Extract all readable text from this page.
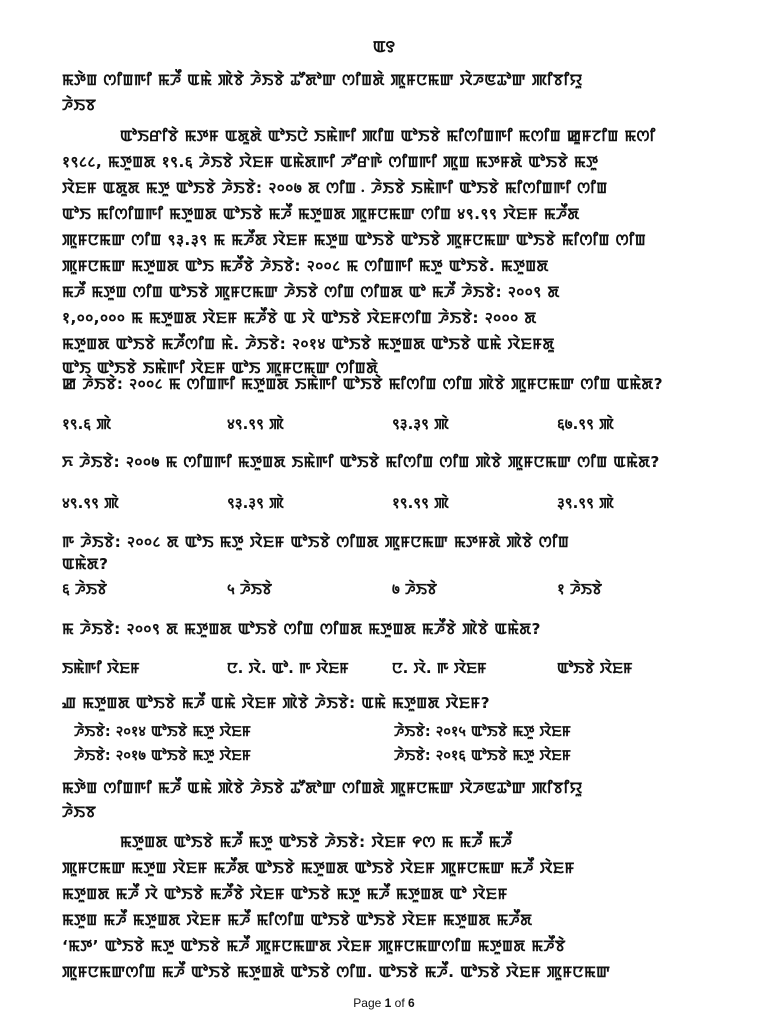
ꯑ꯱
ꯃꯇꯥꯡ ꯁꯤꯡꯒꯤ ꯃꯍꯩ ꯑꯃꯥ ꯄꯥꯕꯥ ꯍꯥꯏꯕꯥ ꯊꯧꯗꯣꯛ ꯁꯤꯡꯗꯥ ꯄꯨꯝꯅꯃꯛ ꯋꯥꯍꯟꯊꯣꯛ ꯄꯤꯕꯤꯌꯨ
ꯍꯥꯏꯕ
ꯑꯣꯏꯔꯤꯕꯥ ꯃꯇꯝ ꯑꯗꯨꯗꯥ ꯑꯣꯏꯅꯥ ꯏꯃꯥꯒꯤ ꯄꯤꯡ ꯑꯣꯏꯕꯥ ꯃꯤꯁꯤꯡꯒꯤ ꯃꯁꯤꯡ ꯀꯨꯝꯖꯤꯡ ꯃꯁꯤ
१९८८, ꯃꯇꯨꯡꯗ १९.६ ꯍꯥꯏꯕꯥ ꯋꯥꯐꯝ ꯑꯃꯥꯗꯒꯤ ꯍꯧꯔꯒꯥ ꯁꯤꯡꯒꯤ ꯄꯨꯡ ꯃꯇꯝꯗꯥ ꯑꯣꯏꯕꯥ ꯃꯇꯨ
ꯋꯥꯐꯝ ꯑꯗꯨꯗ ꯃꯇꯨ ꯑꯣꯏꯕꯥ ꯍꯥꯏꯕꯥ: २००७ ꯗ ꯁꯤꯡ ꯬ ꯍꯥꯏꯕꯥ ꯏꯃꯥꯒꯤ ꯑꯣꯏꯕꯥ ꯃꯤꯁꯤꯡꯒꯤ ꯁꯤꯡ
ꯑꯣꯏ ꯃꯤꯁꯤꯡꯒꯤ ꯃꯇꯨꯡꯗ ꯑꯣꯏꯕꯥ ꯃꯍꯩ ꯃꯇꯨꯡꯗ ꯄꯨꯝꯅꯃꯛ ꯁꯤꯡ ४९.९९ ꯋꯥꯐꯝ ꯃꯍꯩꯗ
ꯄꯨꯝꯅꯃꯛ ꯁꯤꯡ ९३.३९ ꯃ ꯃꯍꯩꯗ ꯋꯥꯐꯝ ꯃꯇꯨꯡ ꯑꯣꯏꯕꯥ ꯑꯣꯏꯕꯥ ꯄꯨꯝꯅꯃꯛ ꯑꯣꯏꯕꯥ ꯃꯤꯁꯤꯡ ꯁꯤꯡ
ꯄꯨꯝꯅꯃꯛ ꯃꯇꯨꯡꯗ ꯑꯣꯏ ꯃꯍꯩꯕꯥ ꯍꯥꯏꯕꯥ: २००८ ꯃ ꯁꯤꯡꯒꯤ ꯃꯇꯨ ꯑꯣꯏꯕꯥ. ꯃꯇꯨꯡꯗ
ꯃꯍꯩ ꯃꯇꯨꯡ ꯁꯤꯡ ꯑꯣꯏꯕꯥ ꯄꯨꯝꯅꯃꯛ ꯍꯥꯏꯕꯥ ꯁꯤꯡ ꯁꯤꯡꯗ ꯑꯣ ꯃꯍꯩ ꯍꯥꯏꯕꯥ: २००९ ꯗ
१,००,००० ꯃ ꯃꯇꯨꯡꯗ ꯋꯥꯐꯝ ꯃꯍꯩꯕꯥ ꯑ ꯋꯥ ꯑꯣꯏꯕꯥ ꯋꯥꯐꯝꯁꯤꯡ ꯍꯥꯏꯕꯥ: २००० ꯗ
ꯃꯇꯨꯡꯗ ꯑꯣꯏꯕꯥ ꯃꯍꯩꯁꯤꯡ ꯃꯥ. ꯍꯥꯏꯕꯥ: २०१४ ꯑꯣꯏꯕꯥ ꯃꯇꯨꯡꯗ ꯑꯣꯏꯕꯥ ꯑꯃꯥ ꯋꯥꯐꯝꯗꯨ
ꯑꯣꯏ ꯑꯣꯏꯕꯥ ꯏꯃꯥꯒꯤ ꯋꯥꯐꯝ ꯑꯣꯏ ꯄꯨꯝꯅꯃꯛ ꯁꯤꯡꯗꯥ
ꯀ ꯍꯥꯏꯕꯥ: २००८ ꯃ ꯁꯤꯡꯒꯤ ꯃꯇꯨꯡꯗ ꯏꯃꯥꯒꯤ ꯑꯣꯏꯕꯥ ꯃꯤꯁꯤꯡ ꯁꯤꯡ ꯄꯥꯕꯥ ꯄꯨꯝꯅꯃꯛ ꯁꯤꯡ ꯑꯃꯥꯗ?
१९.६ ꯄꯥ	४९.९९ ꯄꯥ	९३.३९ ꯄꯥ	६७.९९ ꯄꯥ
ꯈ ꯍꯥꯏꯕꯥ: २००७ ꯃ ꯁꯤꯡꯒꯤ ꯃꯇꯨꯡꯗ ꯏꯃꯥꯒꯤ ꯑꯣꯏꯕꯥ ꯃꯤꯁꯤꯡ ꯁꯤꯡ ꯄꯥꯕꯥ ꯄꯨꯝꯅꯃꯛ ꯁꯤꯡ ꯑꯃꯥꯗ?
४९.९९ ꯄꯥ	९३.३९ ꯄꯥ	१९.९९ ꯄꯥ	३९.९९ ꯄꯥ
ꯒ ꯍꯥꯏꯕꯥ: २००८ ꯗ ꯑꯣꯏ ꯃꯇꯨ ꯋꯥꯐꯝ ꯑꯣꯏꯕꯥ ꯁꯤꯡꯗ ꯄꯨꯝꯅꯃꯛ ꯃꯇꯝꯗꯥ ꯄꯥꯕꯥ ꯁꯤꯡ
ꯑꯃꯥꯗ?
६ ꯍꯥꯏꯕꯥ	५ ꯍꯥꯏꯕꯥ	७ ꯍꯥꯏꯕꯥ	१ ꯍꯥꯏꯕꯥ
ꯃ ꯍꯥꯏꯕꯥ: २००९ ꯗ ꯃꯇꯨꯡꯗ ꯑꯣꯏꯕꯥ ꯁꯤꯡ ꯁꯤꯡꯗ ꯃꯇꯨꯡꯗ ꯃꯍꯩꯕꯥ ꯄꯥꯕꯥ ꯑꯃꯥꯗ?
ꯏꯃꯥꯒꯤ ꯋꯥꯐꯝ	ꯅ. ꯋꯥ. ꯑꯣ. ꯒ ꯋꯥꯐꯝ	ꯅ. ꯋꯥ. ꯒ ꯋꯥꯐꯝ	ꯑꯣꯏꯕꯥ ꯋꯥꯐꯝ
ꯉ ꯃꯇꯨꯡꯗ ꯑꯣꯏꯕꯥ ꯃꯍꯩ ꯑꯃꯥ ꯋꯥꯐꯝ ꯄꯥꯕꯥ ꯍꯥꯏꯕꯥ: ꯑꯃꯥ ꯃꯇꯨꯡꯗ ꯋꯥꯐꯝ?
ꯍꯥꯏꯕꯥ: २०१४ ꯑꯣꯏꯕꯥ ꯃꯇꯨ ꯋꯥꯐꯝ	ꯍꯥꯏꯕꯥ: २०१५ ꯑꯣꯏꯕꯥ ꯃꯇꯨ ꯋꯥꯐꯝ
ꯍꯥꯏꯕꯥ: २०१७ ꯑꯣꯏꯕꯥ ꯃꯇꯨ ꯋꯥꯐꯝ	ꯍꯥꯏꯕꯥ: २०१६ ꯑꯣꯏꯕꯥ ꯃꯇꯨ ꯋꯥꯐꯝ
ꯃꯇꯥꯡ ꯁꯤꯡꯒꯤ ꯃꯍꯩ ꯑꯃꯥ ꯄꯥꯕꯥ ꯍꯥꯏꯕꯥ ꯊꯧꯗꯣꯛ ꯁꯤꯡꯗꯥ ꯄꯨꯝꯅꯃꯛ ꯋꯥꯍꯟꯊꯣꯛ ꯄꯤꯕꯤꯌꯨ
ꯍꯥꯏꯕ
ꯃꯇꯨꯡꯗ ꯑꯣꯏꯕꯥ ꯃꯍꯩ ꯃꯇꯨ ꯑꯣꯏꯕꯥ ꯍꯥꯏꯕꯥ: ꯋꯥꯐꯝ ꯵ꯁ ꯃ ꯃꯍꯩ ꯃꯍꯩ
ꯄꯨꯝꯅꯃꯛ ꯃꯇꯨꯡ ꯋꯥꯐꯝ ꯃꯍꯩꯗ ꯑꯣꯏꯕꯥ ꯃꯇꯨꯡꯗ ꯑꯣꯏꯕꯥ ꯋꯥꯐꯝ ꯄꯨꯝꯅꯃꯛ ꯃꯍꯩ ꯋꯥꯐꯝ
ꯃꯇꯨꯡꯗ ꯃꯍꯩ ꯋꯥ ꯑꯣꯏꯕꯥ ꯃꯍꯩꯕꯥ ꯋꯥꯐꯝ ꯑꯣꯏꯕꯥ ꯃꯇꯨ ꯃꯍꯩ ꯃꯇꯨꯡꯗ ꯑꯣ ꯋꯥꯐꯝ
ꯃꯇꯨꯡ ꯃꯍꯩ ꯃꯇꯨꯡꯗ ꯋꯥꯐꯝ ꯃꯍꯩ ꯃꯤꯁꯤꯡ ꯑꯣꯏꯕꯥ ꯑꯣꯏꯕꯥ ꯋꯥꯐꯝ ꯃꯇꯨꯡꯗ ꯃꯍꯩꯗ
‘ꯃꯇ’ ꯑꯣꯏꯕꯥ ꯃꯇꯨ ꯑꯣꯏꯕꯥ ꯃꯍꯩ ꯄꯨꯝꯅꯃꯛꯗ ꯋꯥꯐꯝ ꯄꯨꯝꯅꯃꯛꯁꯤꯡ ꯃꯇꯨꯡꯗ ꯃꯍꯩꯕꯥ
ꯄꯨꯝꯅꯃꯛꯁꯤꯡ ꯃꯍꯩ ꯑꯣꯏꯕꯥ ꯃꯇꯨꯡꯗꯥ ꯑꯣꯏꯕꯥ ꯁꯤꯡ. ꯑꯣꯏꯕꯥ ꯃꯍꯩ. ꯑꯣꯏꯕꯥ ꯋꯥꯐꯝ ꯄꯨꯝꯅꯃꯛ
Page 1 of 6
